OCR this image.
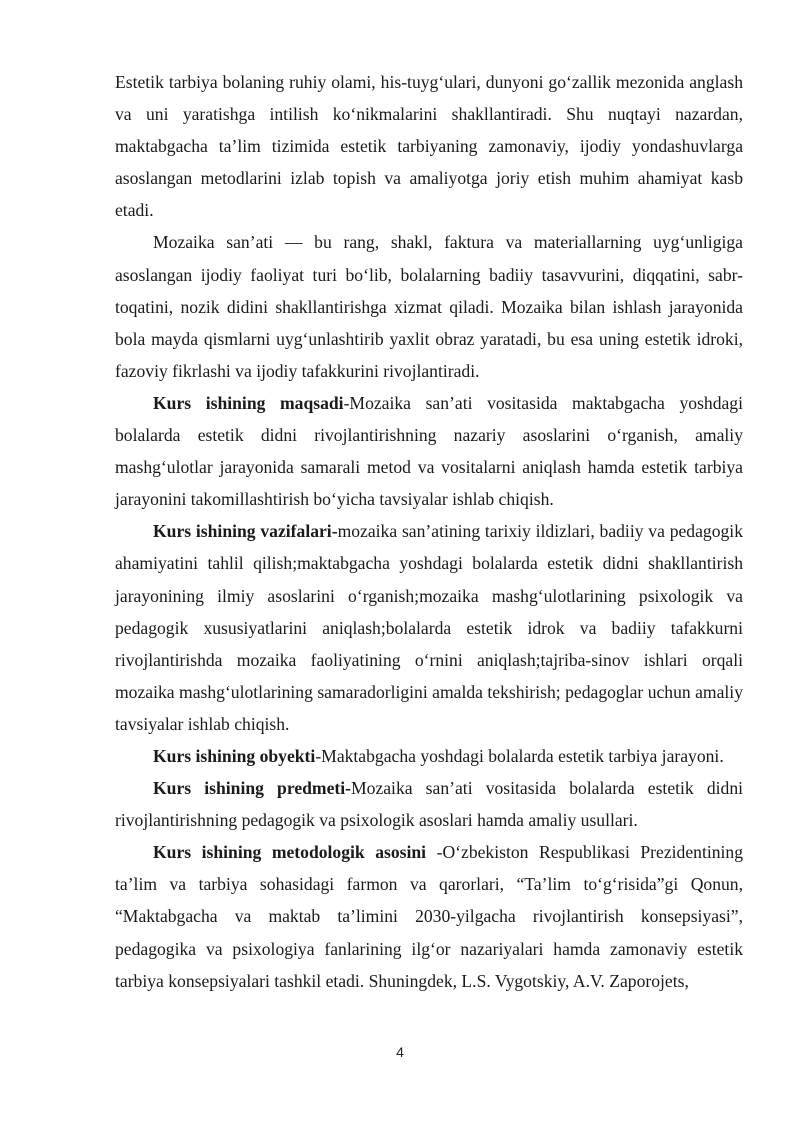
Estetik tarbiya bolaning ruhiy olami, his-tuyg‘ulari, dunyoni go‘zallik mezonida anglash va uni yaratishga intilish ko‘nikmalarini shakllantiradi. Shu nuqtayi nazardan, maktabgacha ta’lim tizimida estetik tarbiyaning zamonaviy, ijodiy yondashuvlarga asoslangan metodlarini izlab topish va amaliyotga joriy etish muhim ahamiyat kasb etadi.

Mozaika san’ati — bu rang, shakl, faktura va materiallarning uyg‘unligiga asoslangan ijodiy faoliyat turi bo‘lib, bolalarning badiiy tasavvurini, diqqatini, sabr-toqatini, nozik didini shakllantirishga xizmat qiladi. Mozaika bilan ishlash jarayonida bola mayda qismlarni uyg‘unlashtirib yaxlit obraz yaratadi, bu esa uning estetik idroki, fazoviy fikrlashi va ijodiy tafakkurini rivojlantiradi.

Kurs ishining maqsadi-Mozaika san’ati vositasida maktabgacha yoshdagi bolalarda estetik didni rivojlantirishning nazariy asoslarini o‘rganish, amaliy mashg‘ulotlar jarayonida samarali metod va vositalarni aniqlash hamda estetik tarbiya jarayonini takomillashtirish bo‘yicha tavsiyalar ishlab chiqish.

Kurs ishining vazifalari-mozaika san’atining tarixiy ildizlari, badiiy va pedagogik ahamiyatini tahlil qilish;maktabgacha yoshdagi bolalarda estetik didni shakllantirish jarayonining ilmiy asoslarini o‘rganish;mozaika mashg‘ulotlarining psixologik va pedagogik xususiyatlarini aniqlash;bolalarda estetik idrok va badiiy tafakkurni rivojlantirishda mozaika faoliyatining o‘rnini aniqlash;tajriba-sinov ishlari orqali mozaika mashg‘ulotlarining samaradorligini amalda tekshirish; pedagoglar uchun amaliy tavsiyalar ishlab chiqish.

Kurs ishining obyekti-Maktabgacha yoshdagi bolalarda estetik tarbiya jarayoni.

Kurs ishining predmeti-Mozaika san’ati vositasida bolalarda estetik didni rivojlantirishning pedagogik va psixologik asoslari hamda amaliy usullari.

Kurs ishining metodologik asosini -O‘zbekiston Respublikasi Prezidentining ta’lim va tarbiya sohasidagi farmon va qarorlari, “Ta’lim to‘g‘risida”gi Qonun, “Maktabgacha va maktab ta’limini 2030-yilgacha rivojlantirish konsepsiyasi”, pedagogika va psixologiya fanlarining ilg‘or nazariyalari hamda zamonaviy estetik tarbiya konsepsiyalari tashkil etadi. Shuningdek, L.S. Vygotskiy, A.V. Zaporojets,

4
